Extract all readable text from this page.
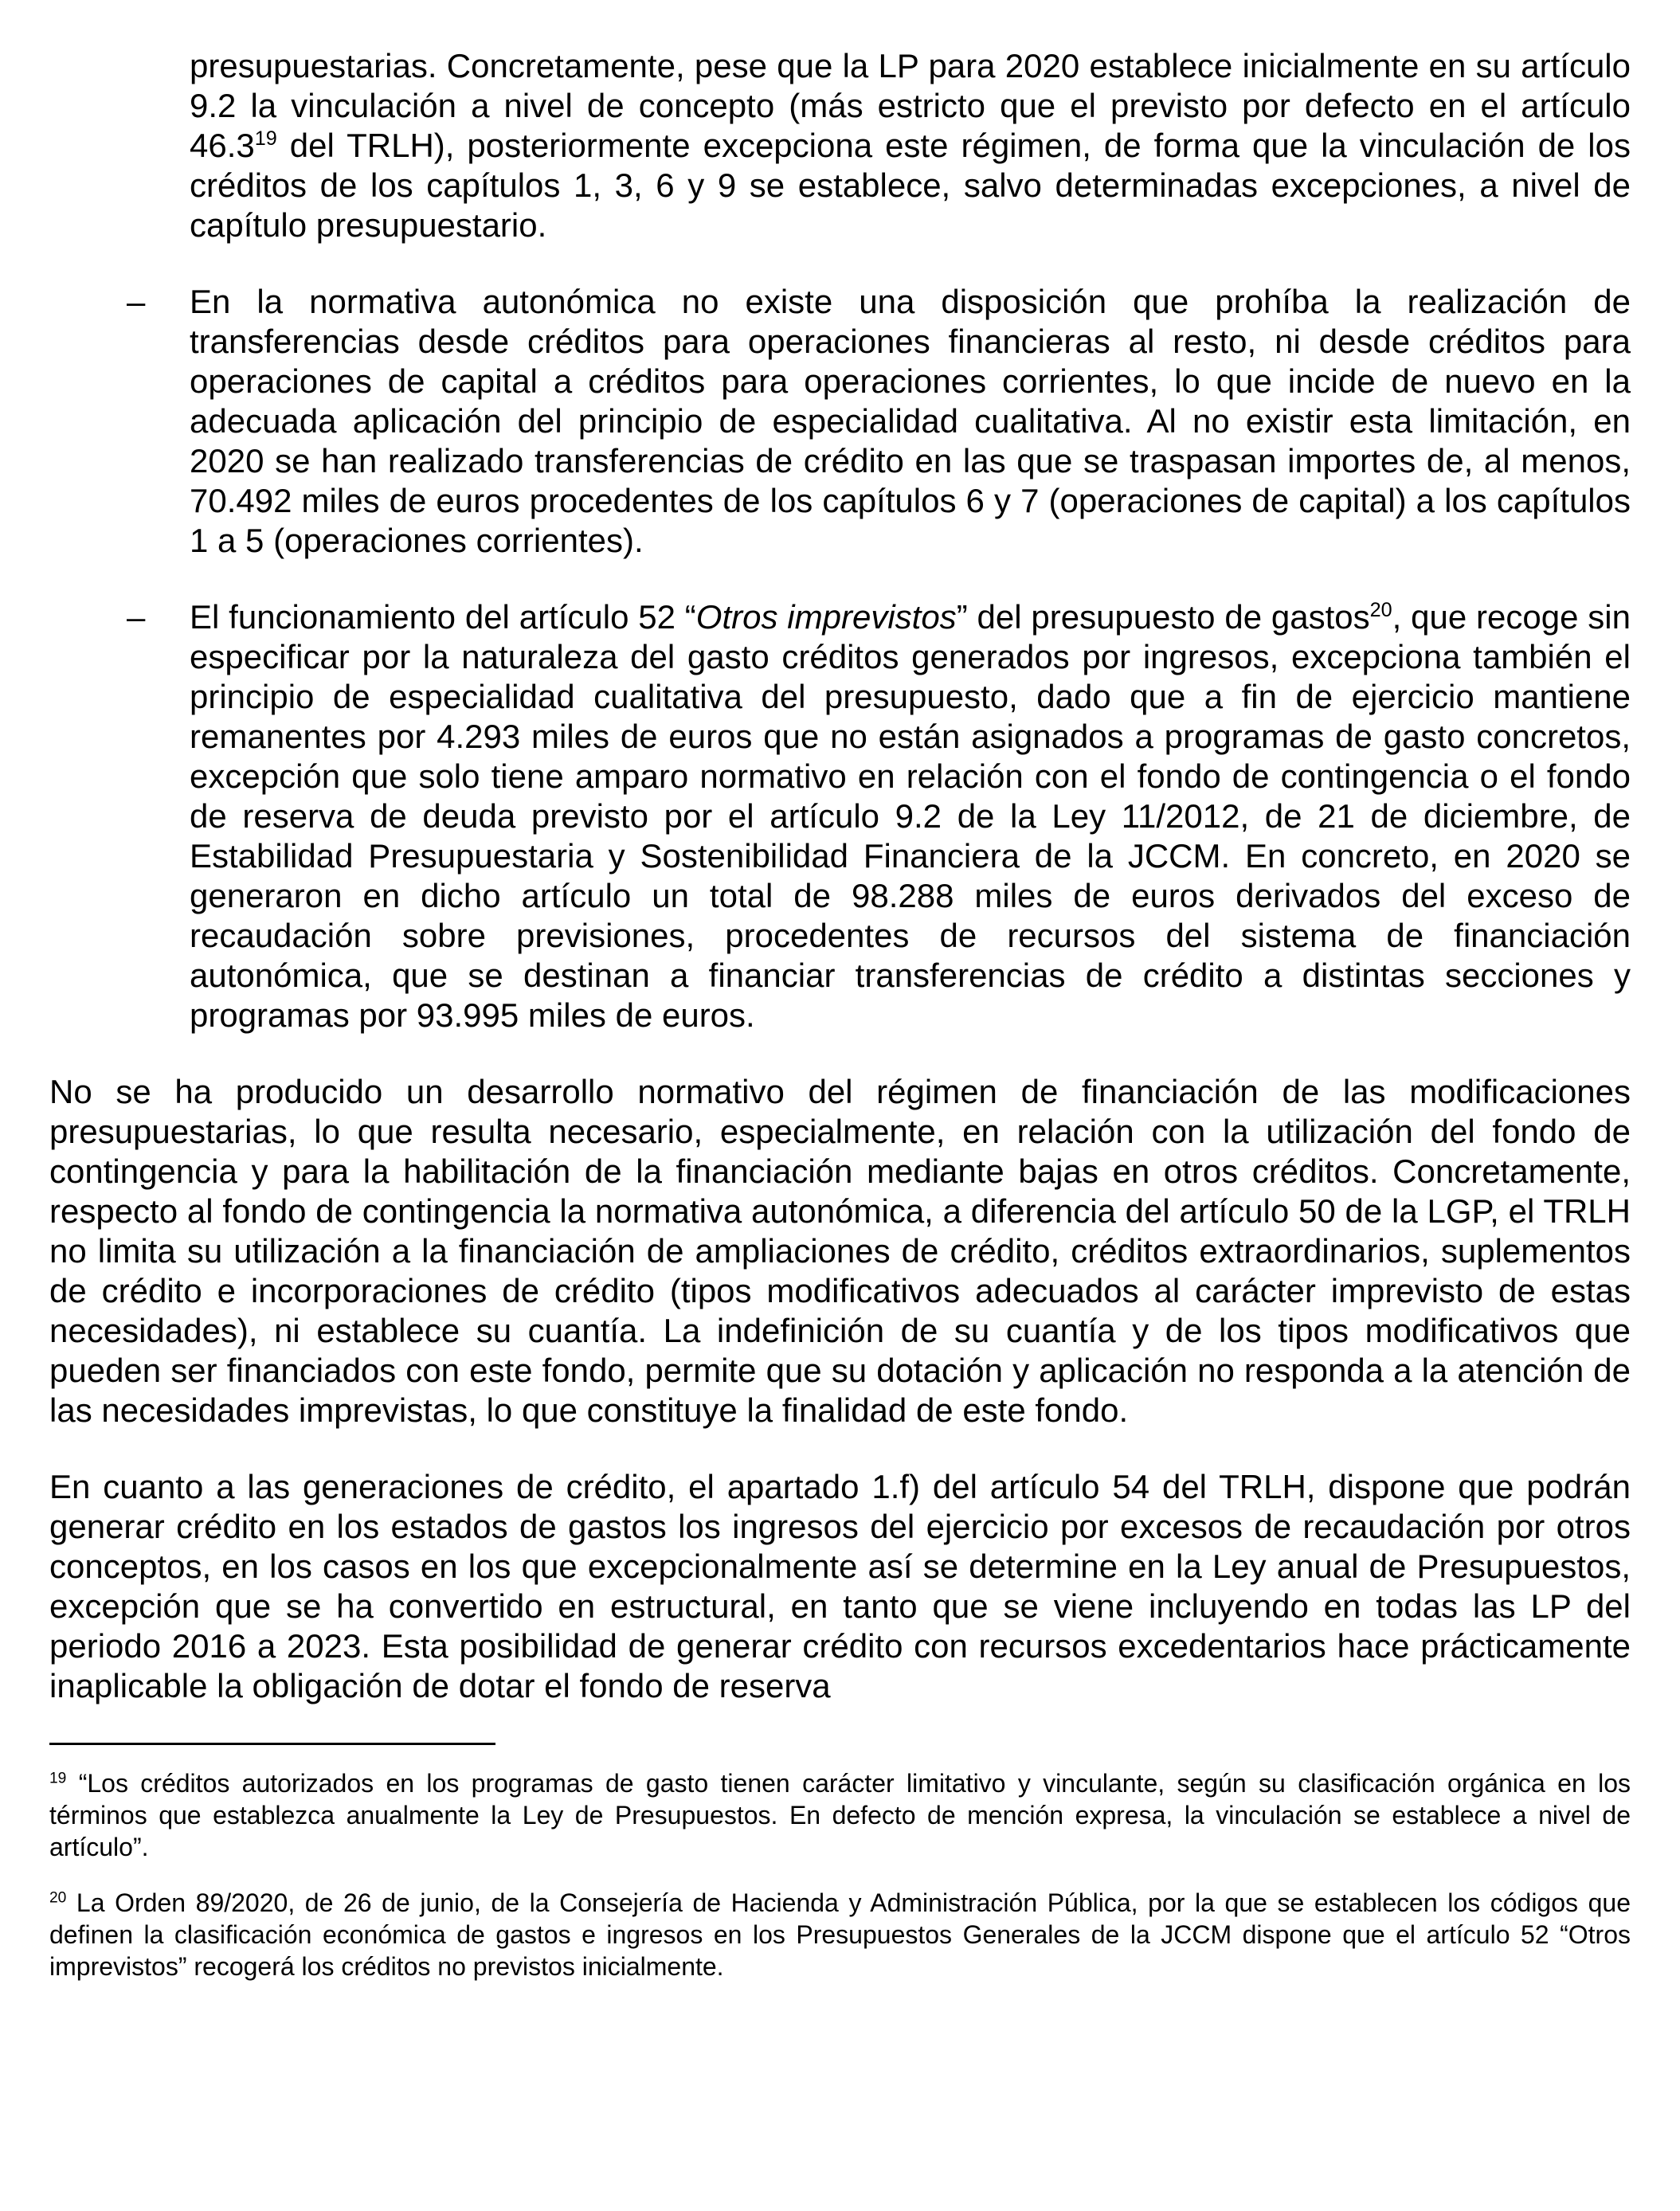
presupuestarias. Concretamente, pese que la LP para 2020 establece inicialmente en su artículo 9.2 la vinculación a nivel de concepto (más estricto que el previsto por defecto en el artículo 46.3$^{19}$ del TRLH), posteriormente excepciona este régimen, de forma que la vinculación de los créditos de los capítulos 1, 3, 6 y 9 se establece, salvo determinadas excepciones, a nivel de capítulo presupuestario.

–	En la normativa autonómica no existe una disposición que prohíba la realización de transferencias desde créditos para operaciones financieras al resto, ni desde créditos para operaciones de capital a créditos para operaciones corrientes, lo que incide de nuevo en la adecuada aplicación del principio de especialidad cualitativa. Al no existir esta limitación, en 2020 se han realizado transferencias de crédito en las que se traspasan importes de, al menos, 70.492 miles de euros procedentes de los capítulos 6 y 7 (operaciones de capital) a los capítulos 1 a 5 (operaciones corrientes).

–	El funcionamiento del artículo 52 “Otros imprevistos” del presupuesto de gastos$^{20}$, que recoge sin especificar por la naturaleza del gasto créditos generados por ingresos, excepciona también el principio de especialidad cualitativa del presupuesto, dado que a fin de ejercicio mantiene remanentes por 4.293 miles de euros que no están asignados a programas de gasto concretos, excepción que solo tiene amparo normativo en relación con el fondo de contingencia o el fondo de reserva de deuda previsto por el artículo 9.2 de la Ley 11/2012, de 21 de diciembre, de Estabilidad Presupuestaria y Sostenibilidad Financiera de la JCCM. En concreto, en 2020 se generaron en dicho artículo un total de 98.288 miles de euros derivados del exceso de recaudación sobre previsiones, procedentes de recursos del sistema de financiación autonómica, que se destinan a financiar transferencias de crédito a distintas secciones y programas por 93.995 miles de euros.

No se ha producido un desarrollo normativo del régimen de financiación de las modificaciones presupuestarias, lo que resulta necesario, especialmente, en relación con la utilización del fondo de contingencia y para la habilitación de la financiación mediante bajas en otros créditos. Concretamente, respecto al fondo de contingencia la normativa autonómica, a diferencia del artículo 50 de la LGP, el TRLH no limita su utilización a la financiación de ampliaciones de crédito, créditos extraordinarios, suplementos de crédito e incorporaciones de crédito (tipos modificativos adecuados al carácter imprevisto de estas necesidades), ni establece su cuantía. La indefinición de su cuantía y de los tipos modificativos que pueden ser financiados con este fondo, permite que su dotación y aplicación no responda a la atención de las necesidades imprevistas, lo que constituye la finalidad de este fondo.

En cuanto a las generaciones de crédito, el apartado 1.f) del artículo 54 del TRLH, dispone que podrán generar crédito en los estados de gastos los ingresos del ejercicio por excesos de recaudación por otros conceptos, en los casos en los que excepcionalmente así se determine en la Ley anual de Presupuestos, excepción que se ha convertido en estructural, en tanto que se viene incluyendo en todas las LP del periodo 2016 a 2023. Esta posibilidad de generar crédito con recursos excedentarios hace prácticamente inaplicable la obligación de dotar el fondo de reserva

$^{19}$ “Los créditos autorizados en los programas de gasto tienen carácter limitativo y vinculante, según su clasificación orgánica en los términos que establezca anualmente la Ley de Presupuestos. En defecto de mención expresa, la vinculación se establece a nivel de artículo”.

$^{20}$ La Orden 89/2020, de 26 de junio, de la Consejería de Hacienda y Administración Pública, por la que se establecen los códigos que definen la clasificación económica de gastos e ingresos en los Presupuestos Generales de la JCCM dispone que el artículo 52 “Otros imprevistos” recogerá los créditos no previstos inicialmente.
